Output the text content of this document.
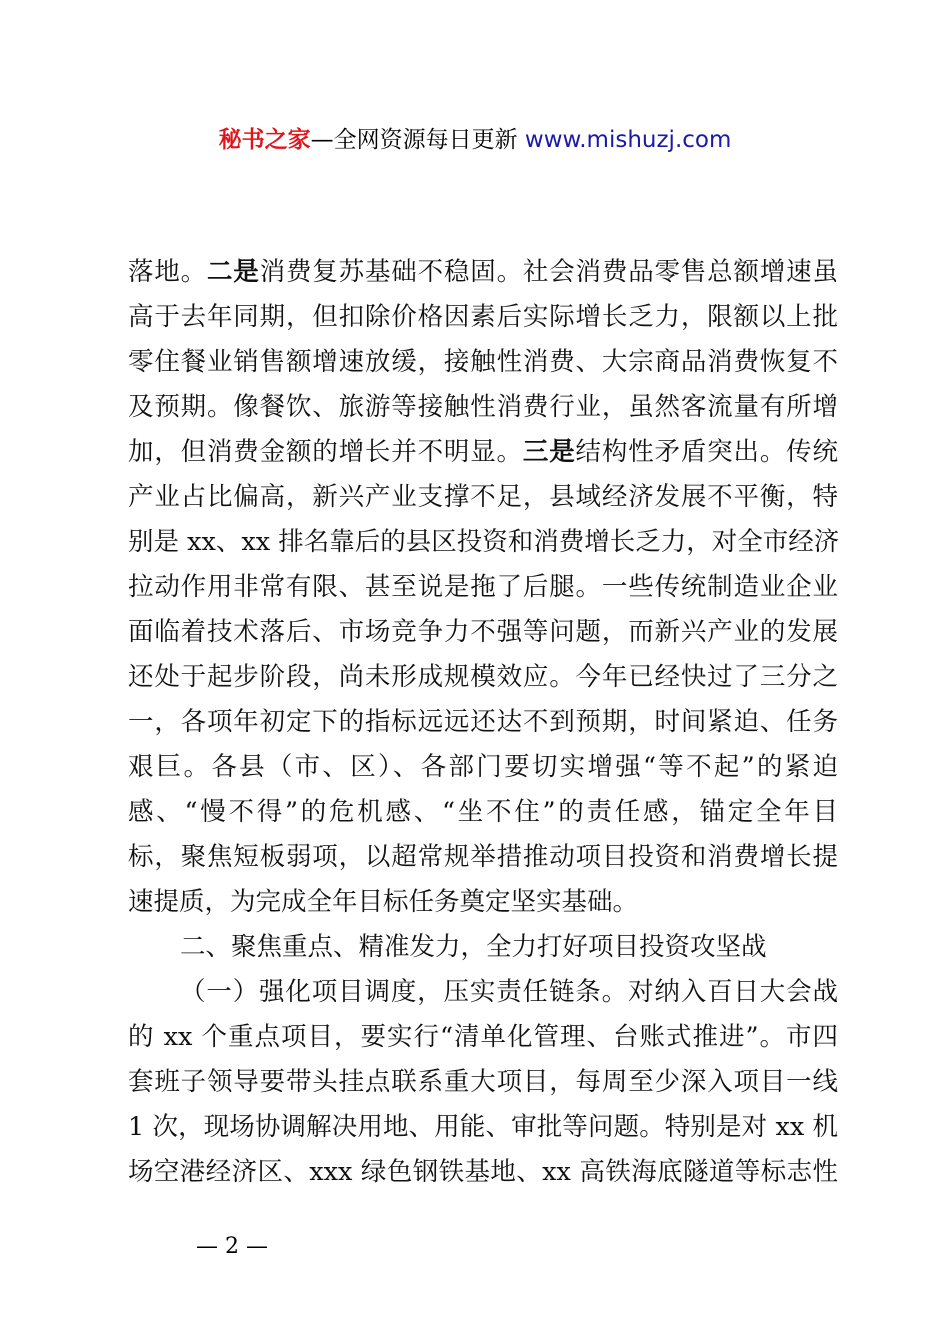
秘书之家—全网资源每日更新 www.mishuzj.com
落地。二是消费复苏基础不稳固。社会消费品零售总额增速虽
高于去年同期，但扣除价格因素后实际增长乏力，限额以上批
零住餐业销售额增速放缓，接触性消费、大宗商品消费恢复不
及预期。像餐饮、旅游等接触性消费行业，虽然客流量有所增
加，但消费金额的增长并不明显。三是结构性矛盾突出。传统
产业占比偏高，新兴产业支撑不足，县域经济发展不平衡，特
别是 xx、xx 排名靠后的县区投资和消费增长乏力，对全市经济
拉动作用非常有限、甚至说是拖了后腿。一些传统制造业企业
面临着技术落后、市场竞争力不强等问题，而新兴产业的发展
还处于起步阶段，尚未形成规模效应。今年已经快过了三分之
一，各项年初定下的指标远远还达不到预期，时间紧迫、任务
艰巨。各县（市、区）、各部门要切实增强“等不起”的紧迫
感、“慢不得”的危机感、“坐不住”的责任感，锚定全年目
标，聚焦短板弱项，以超常规举措推动项目投资和消费增长提
速提质，为完成全年目标任务奠定坚实基础。
二、聚焦重点、精准发力，全力打好项目投资攻坚战
（一）强化项目调度，压实责任链条。对纳入百日大会战
的 xx 个重点项目，要实行“清单化管理、台账式推进”。市四
套班子领导要带头挂点联系重大项目，每周至少深入项目一线
1 次，现场协调解决用地、用能、审批等问题。特别是对 xx 机
场空港经济区、xxx 绿色钢铁基地、xx 高铁海底隧道等标志性
— 2 —
